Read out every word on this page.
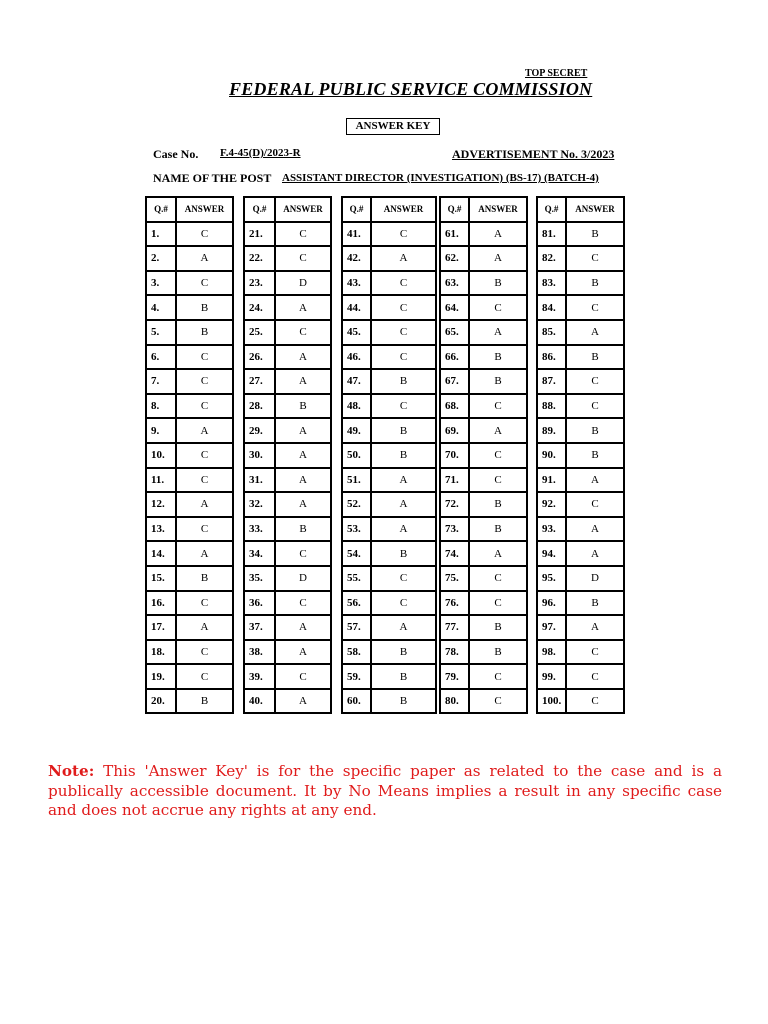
TOP SECRET
FEDERAL PUBLIC SERVICE COMMISSION
ANSWER KEY
Case No. F.4-45(D)/2023-R	ADVERTISEMENT No. 3/2023
NAME OF THE POST ASSISTANT DIRECTOR (INVESTIGATION) (BS-17) (BATCH-4)
Q.#	ANSWER
1.	C
2.	A
3.	C
4.	B
5.	B
6.	C
7.	C
8.	C
9.	A
10.	C
11.	C
12.	A
13.	C
14.	A
15.	B
16.	C
17.	A
18.	C
19.	C
20.	B
Q.#	ANSWER
21.	C
22.	C
23.	D
24.	A
25.	C
26.	A
27.	A
28.	B
29.	A
30.	A
31.	A
32.	A
33.	B
34.	C
35.	D
36.	C
37.	A
38.	A
39.	C
40.	A
Q.#	ANSWER
41.	C
42.	A
43.	C
44.	C
45.	C
46.	C
47.	B
48.	C
49.	B
50.	B
51.	A
52.	A
53.	A
54.	B
55.	C
56.	C
57.	A
58.	B
59.	B
60.	B
Q.#	ANSWER
61.	A
62.	A
63.	B
64.	C
65.	A
66.	B
67.	B
68.	C
69.	A
70.	C
71.	C
72.	B
73.	B
74.	A
75.	C
76.	C
77.	B
78.	B
79.	C
80.	C
Q.#	ANSWER
81.	B
82.	C
83.	B
84.	C
85.	A
86.	B
87.	C
88.	C
89.	B
90.	B
91.	A
92.	C
93.	A
94.	A
95.	D
96.	B
97.	A
98.	C
99.	C
100.	C
Note: This 'Answer Key' is for the specific paper as related to the case and is a publically accessible document. It by No Means implies a result in any specific case and does not accrue any rights at any end.
